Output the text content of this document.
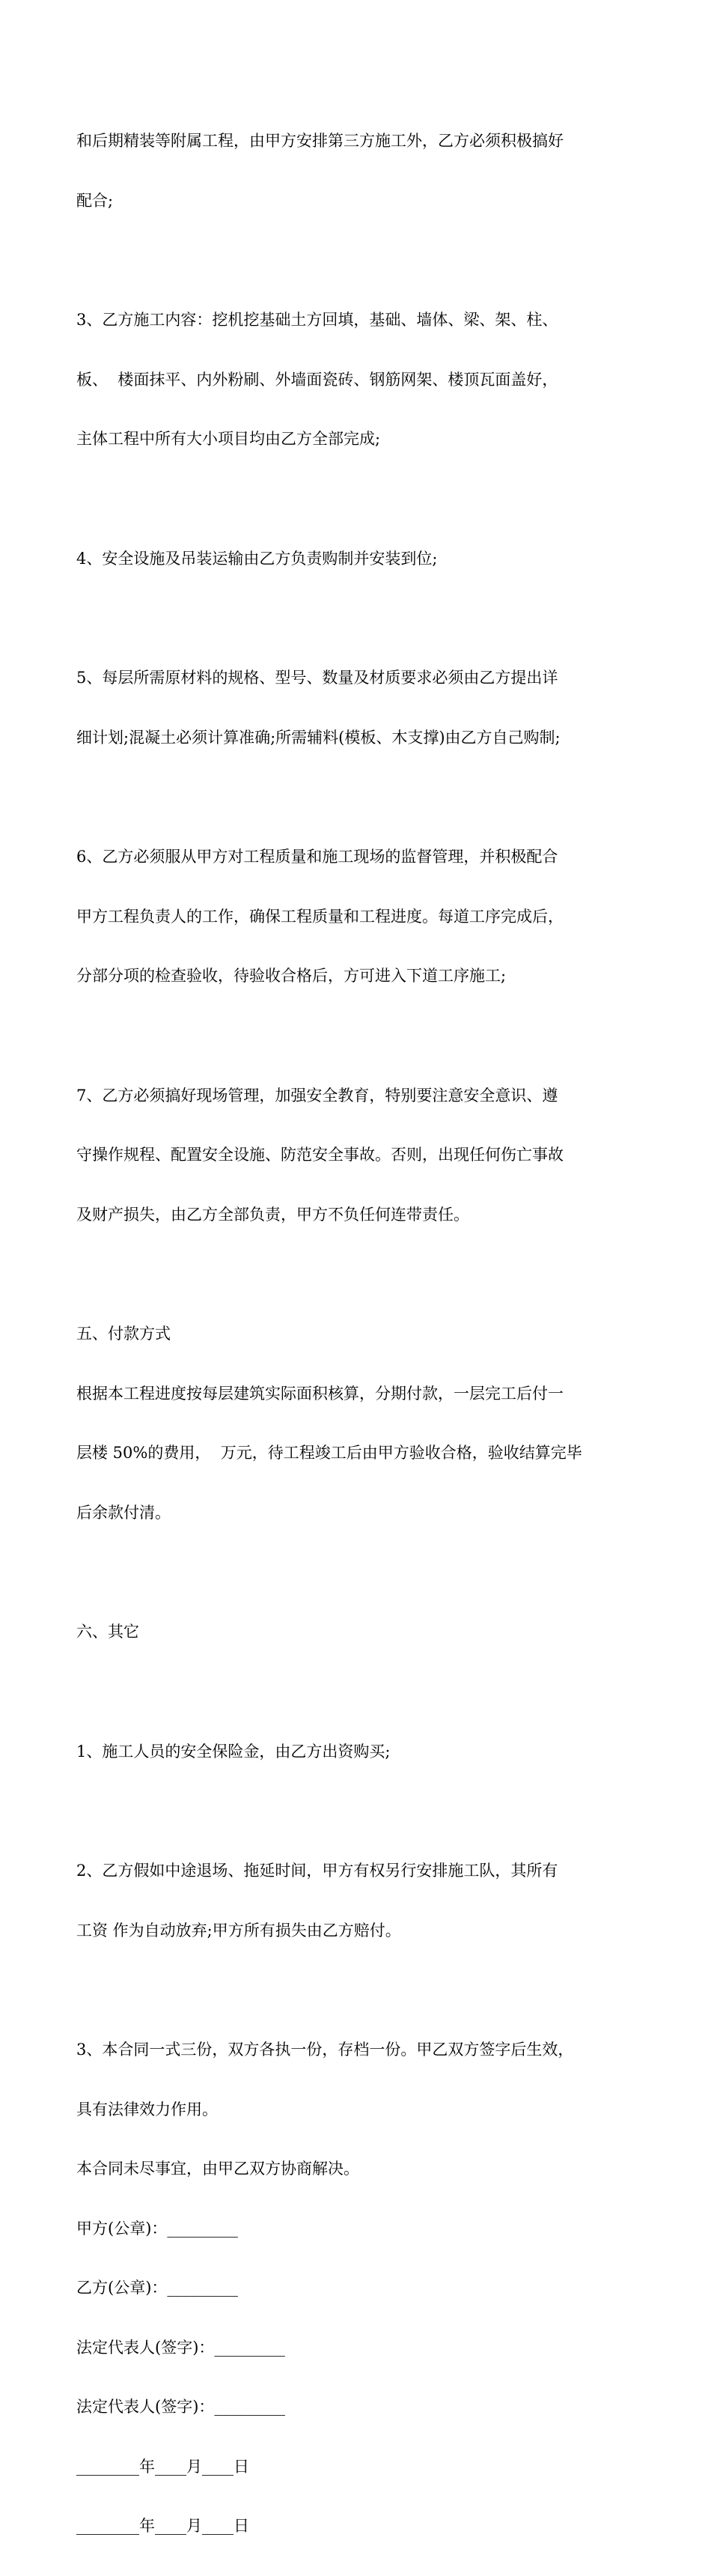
和后期精装等附属工程，由甲方安排第三方施工外，乙方必须积极搞好

配合;

3、乙方施工内容：挖机挖基础土方回填，基础、墙体、梁、架、柱、

板、  楼面抹平、内外粉刷、外墙面瓷砖、钢筋网架、楼顶瓦面盖好，

主体工程中所有大小项目均由乙方全部完成;

4、安全设施及吊装运输由乙方负责购制并安装到位;

5、每层所需原材料的规格、型号、数量及材质要求必须由乙方提出详

细计划;混凝土必须计算准确;所需辅料(模板、木支撑)由乙方自己购制;

6、乙方必须服从甲方对工程质量和施工现场的监督管理，并积极配合

甲方工程负责人的工作，确保工程质量和工程进度。每道工序完成后，

分部分项的检查验收，待验收合格后，方可进入下道工序施工;

7、乙方必须搞好现场管理，加强安全教育，特别要注意安全意识、遵

守操作规程、配置安全设施、防范安全事故。否则，出现任何伤亡事故

及财产损失，由乙方全部负责，甲方不负任何连带责任。

五、付款方式

根据本工程进度按每层建筑实际面积核算，分期付款，一层完工后付一

层楼 50%的费用，  万元，待工程竣工后由甲方验收合格，验收结算完毕

后余款付清。

六、其它

1、施工人员的安全保险金，由乙方出资购买;

2、乙方假如中途退场、拖延时间，甲方有权另行安排施工队，其所有

工资 作为自动放弃;甲方所有损失由乙方赔付。

3、本合同一式三份，双方各执一份，存档一份。甲乙双方签字后生效，

具有法律效力作用。

本合同未尽事宜，由甲乙双方协商解决。

甲方(公章)：_________

乙方(公章)：_________

法定代表人(签字)：_________

法定代表人(签字)：_________

________年____月____日

________年____月____日
